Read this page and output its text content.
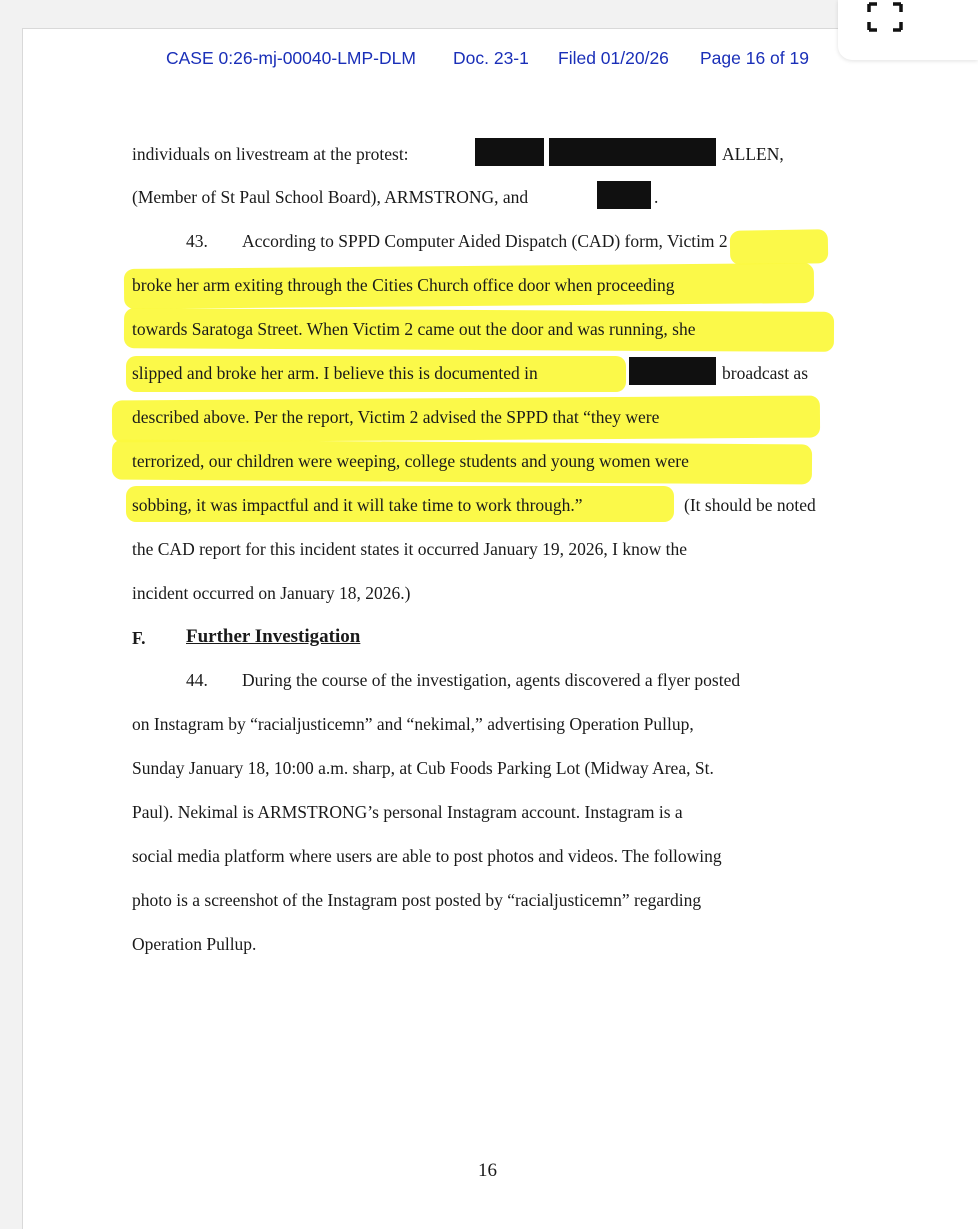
CASE 0:26-mj-00040-LMP-DLM Doc. 23-1 Filed 01/20/26 Page 16 of 19
individuals on livestream at the protest:	ALLEN,
(Member of St Paul School Board), ARMSTRONG, and	.
43. According to SPPD Computer Aided Dispatch (CAD) form, Victim 2
broke her arm exiting through the Cities Church office door when proceeding
towards Saratoga Street. When Victim 2 came out the door and was running, she
slipped and broke her arm. I believe this is documented in	broadcast as
described above. Per the report, Victim 2 advised the SPPD that “they were
terrorized, our children were weeping, college students and young women were
sobbing, it was impactful and it will take time to work through.”	(It should be noted
the CAD report for this incident states it occurred January 19, 2026, I know the
incident occurred on January 18, 2026.)
F. Further Investigation
44. During the course of the investigation, agents discovered a flyer posted
on Instagram by “racialjusticemn” and “nekimal,” advertising Operation Pullup,
Sunday January 18, 10:00 a.m. sharp, at Cub Foods Parking Lot (Midway Area, St.
Paul). Nekimal is ARMSTRONG’s personal Instagram account. Instagram is a
social media platform where users are able to post photos and videos. The following
photo is a screenshot of the Instagram post posted by “racialjusticemn” regarding
Operation Pullup.
16
